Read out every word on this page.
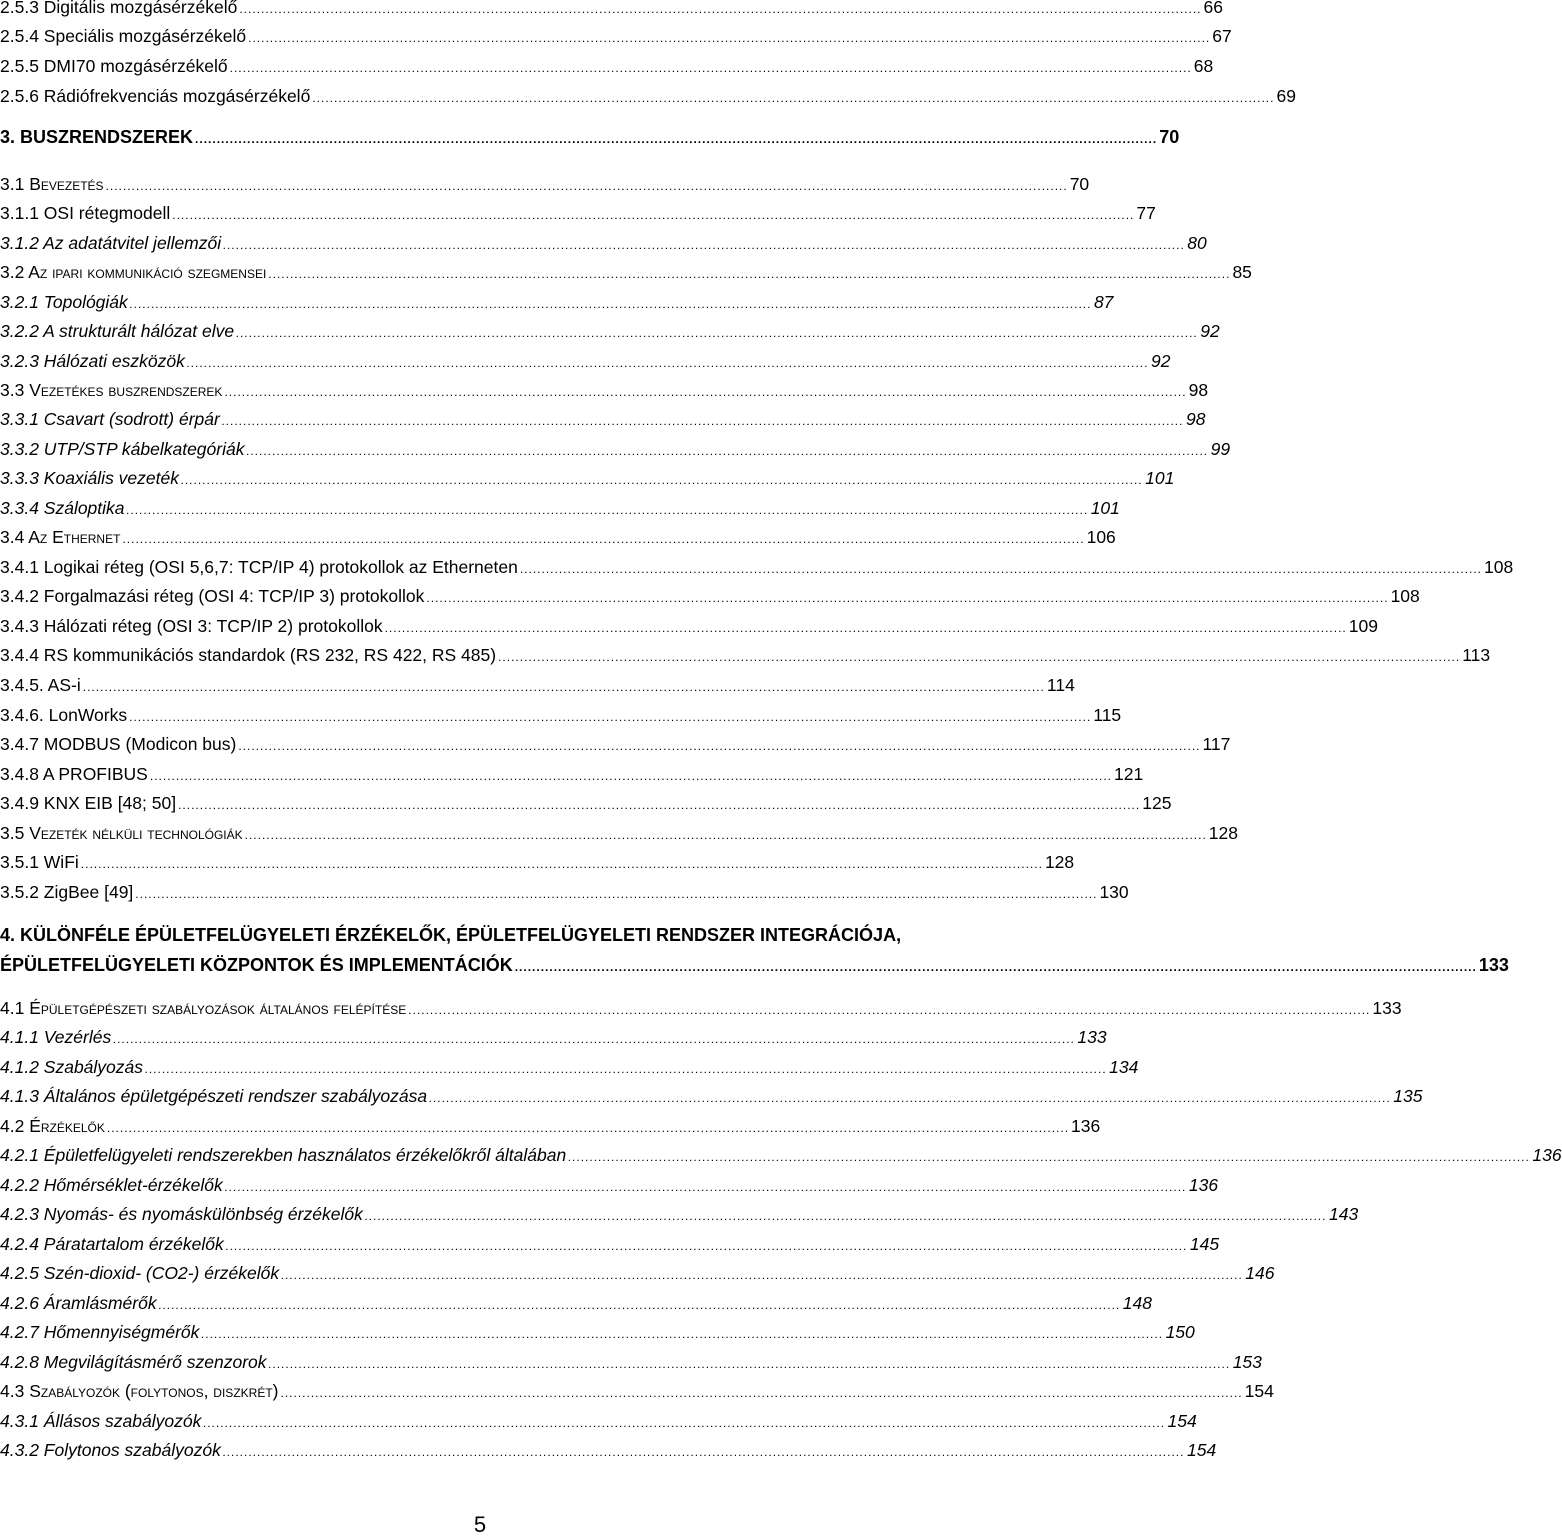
2.5.3 Digitális mozgásérzékelő .............................................................................................................................................................................................................................. 66
2.5.4 Speciális mozgásérzékelő .............................................................................................................................................................................................................................. 67
2.5.5 DMI70 mozgásérzékelő .............................................................................................................................................................................................................................. 68
2.5.6 Rádiófrekvenciás mozgásérzékelő .............................................................................................................................................................................................................................. 69
3. BUSZRENDSZEREK .............................................................................................................................................................................................................................. 70
3.1 Bevezetés .............................................................................................................................................................................................................................. 70
3.1.1 OSI rétegmodell .............................................................................................................................................................................................................................. 77
3.1.2 Az adatátvitel jellemzői .............................................................................................................................................................................................................................. 80
3.2 Az ipari kommunikáció szegmensei .............................................................................................................................................................................................................................. 85
3.2.1 Topológiák .............................................................................................................................................................................................................................. 87
3.2.2 A strukturált hálózat elve .............................................................................................................................................................................................................................. 92
3.2.3 Hálózati eszközök .............................................................................................................................................................................................................................. 92
3.3 Vezetékes buszrendszerek .............................................................................................................................................................................................................................. 98
3.3.1 Csavart (sodrott) érpár .............................................................................................................................................................................................................................. 98
3.3.2 UTP/STP kábelkategóriák .............................................................................................................................................................................................................................. 99
3.3.3 Koaxiális vezeték .............................................................................................................................................................................................................................. 101
3.3.4 Száloptika .............................................................................................................................................................................................................................. 101
3.4 Az Ethernet .............................................................................................................................................................................................................................. 106
3.4.1 Logikai réteg (OSI 5,6,7: TCP/IP 4) protokollok az Etherneten .............................................................................................................................................................................................................................. 108
3.4.2 Forgalmazási réteg (OSI 4: TCP/IP 3) protokollok .............................................................................................................................................................................................................................. 108
3.4.3 Hálózati réteg (OSI 3: TCP/IP 2) protokollok .............................................................................................................................................................................................................................. 109
3.4.4 RS kommunikációs standardok (RS 232, RS 422, RS 485) .............................................................................................................................................................................................................................. 113
3.4.5. AS-i .............................................................................................................................................................................................................................. 114
3.4.6. LonWorks .............................................................................................................................................................................................................................. 115
3.4.7 MODBUS (Modicon bus) .............................................................................................................................................................................................................................. 117
3.4.8 A PROFIBUS .............................................................................................................................................................................................................................. 121
3.4.9 KNX EIB [48; 50] .............................................................................................................................................................................................................................. 125
3.5 Vezeték nélküli technológiák .............................................................................................................................................................................................................................. 128
3.5.1 WiFi .............................................................................................................................................................................................................................. 128
3.5.2 ZigBee [49] .............................................................................................................................................................................................................................. 130
4. KÜLÖNFÉLE ÉPÜLETFELÜGYELETI ÉRZÉKELŐK, ÉPÜLETFELÜGYELETI RENDSZER INTEGRÁCIÓJA,
ÉPÜLETFELÜGYELETI KÖZPONTOK ÉS IMPLEMENTÁCIÓK .............................................................................................................................................................................................................................. 133
4.1 Épületgépészeti szabályozások általános felépítése .............................................................................................................................................................................................................................. 133
4.1.1 Vezérlés .............................................................................................................................................................................................................................. 133
4.1.2 Szabályozás .............................................................................................................................................................................................................................. 134
4.1.3 Általános épületgépészeti rendszer szabályozása .............................................................................................................................................................................................................................. 135
4.2 Érzékelők .............................................................................................................................................................................................................................. 136
4.2.1 Épületfelügyeleti rendszerekben használatos érzékelőkről általában .............................................................................................................................................................................................................................. 136
4.2.2 Hőmérséklet-érzékelők .............................................................................................................................................................................................................................. 136
4.2.3 Nyomás- és nyomáskülönbség érzékelők .............................................................................................................................................................................................................................. 143
4.2.4 Páratartalom érzékelők .............................................................................................................................................................................................................................. 145
4.2.5 Szén-dioxid- (CO2-) érzékelők .............................................................................................................................................................................................................................. 146
4.2.6 Áramlásmérők .............................................................................................................................................................................................................................. 148
4.2.7 Hőmennyiségmérők .............................................................................................................................................................................................................................. 150
4.2.8 Megvilágításmérő szenzorok .............................................................................................................................................................................................................................. 153
4.3 Szabályozók (folytonos, diszkrét) .............................................................................................................................................................................................................................. 154
4.3.1 Állásos szabályozók .............................................................................................................................................................................................................................. 154
4.3.2 Folytonos szabályozók .............................................................................................................................................................................................................................. 154
5
